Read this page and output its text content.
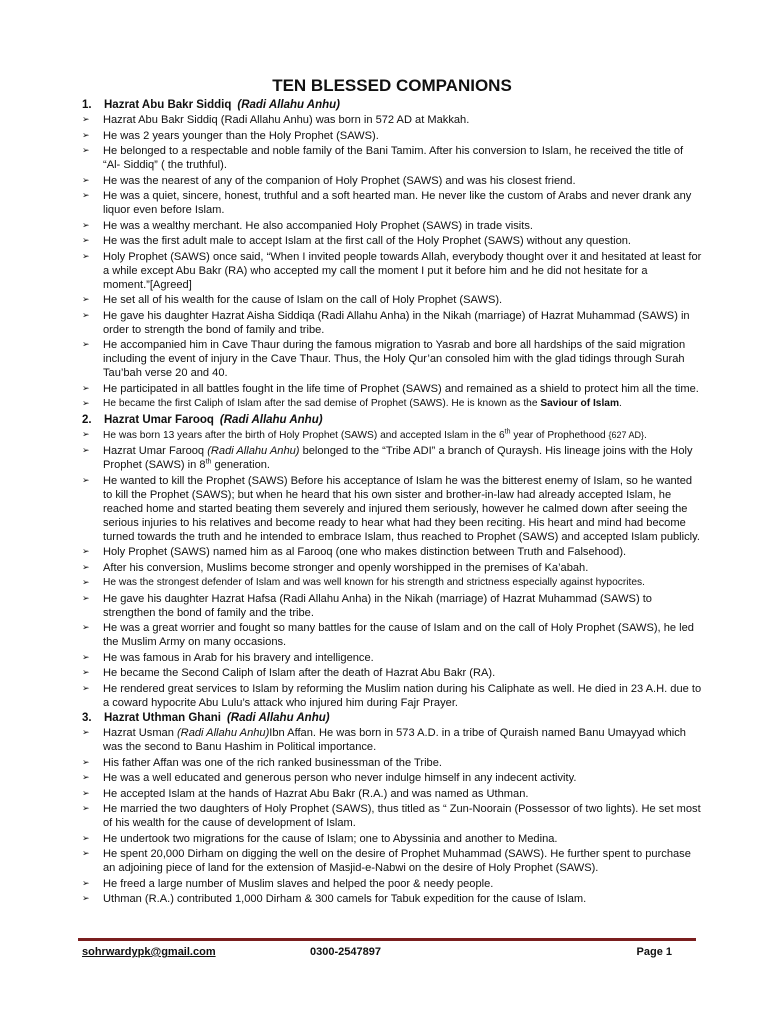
TEN BLESSED COMPANIONS
1. Hazrat Abu Bakr Siddiq (Radi Allahu Anhu)
➢ Hazrat Abu Bakr Siddiq (Radi Allahu Anhu) was born in 572 AD at Makkah.
➢ He was 2 years younger than the Holy Prophet (SAWS).
➢ He belonged to a respectable and noble family of the Bani Tamim. After his conversion to Islam, he received the title of “Al- Siddiq” ( the truthful).
➢ He was the nearest of any of the companion of Holy Prophet (SAWS) and was his closest friend.
➢ He was a quiet, sincere, honest, truthful and a soft hearted man. He never like the custom of Arabs and never drank any liquor even before Islam.
➢ He was a wealthy merchant. He also accompanied Holy Prophet (SAWS) in trade visits.
➢ He was the first adult male to accept Islam at the first call of the Holy Prophet (SAWS) without any question.
➢ Holy Prophet (SAWS) once said, “When I invited people towards Allah, everybody thought over it and hesitated at least for a while except Abu Bakr (RA) who accepted my call the moment I put it before him and he did not hesitate for a moment.”[Agreed]
➢ He set all of his wealth for the cause of Islam on the call of Holy Prophet (SAWS).
➢ He gave his daughter Hazrat Aisha Siddiqa (Radi Allahu Anha) in the Nikah (marriage) of Hazrat Muhammad (SAWS) in order to strength the bond of family and tribe.
➢ He accompanied him in Cave Thaur during the famous migration to Yasrab and bore all hardships of the said migration including the event of injury in the Cave Thaur. Thus, the Holy Qur’an consoled him with the glad tidings through Surah Tau’bah verse 20 and 40.
➢ He participated in all battles fought in the life time of Prophet (SAWS) and remained as a shield to protect him all the time.
➢ He became the first Caliph of Islam after the sad demise of Prophet (SAWS). He is known as the Saviour of Islam.
2. Hazrat Umar Farooq (Radi Allahu Anhu)
➢ He was born 13 years after the birth of Holy Prophet (SAWS) and accepted Islam in the 6th year of Prophethood {627 AD}.
➢ Hazrat Umar Farooq (Radi Allahu Anhu) belonged to the “Tribe ADI” a branch of Quraysh. His lineage joins with the Holy Prophet (SAWS) in 8th generation.
➢ He wanted to kill the Prophet (SAWS) Before his acceptance of Islam he was the bitterest enemy of Islam, so he wanted to kill the Prophet (SAWS); but when he heard that his own sister and brother-in-law had already accepted Islam, he reached home and started beating them severely and injured them seriously, however he calmed down after seeing the serious injuries to his relatives and become ready to hear what had they been reciting. His heart and mind had become turned towards the truth and he intended to embrace Islam, thus reached to Prophet (SAWS) and accepted Islam publicly.
➢ Holy Prophet (SAWS) named him as al Farooq (one who makes distinction between Truth and Falsehood).
➢ After his conversion, Muslims become stronger and openly worshipped in the premises of Ka’abah.
➢ He was the strongest defender of Islam and was well known for his strength and strictness especially against hypocrites.
➢ He gave his daughter Hazrat Hafsa (Radi Allahu Anha) in the Nikah (marriage) of Hazrat Muhammad (SAWS) to strengthen the bond of family and the tribe.
➢ He was a great worrier and fought so many battles for the cause of Islam and on the call of Holy Prophet (SAWS), he led the Muslim Army on many occasions.
➢ He was famous in Arab for his bravery and intelligence.
➢ He became the Second Caliph of Islam after the death of Hazrat Abu Bakr (RA).
➢ He rendered great services to Islam by reforming the Muslim nation during his Caliphate as well. He died in 23 A.H. due to a coward hypocrite Abu Lulu’s attack who injured him during Fajr Prayer.
3. Hazrat Uthman Ghani (Radi Allahu Anhu)
➢ Hazrat Usman (Radi Allahu Anhu)Ibn Affan. He was born in 573 A.D. in a tribe of Quraish named Banu Umayyad which was the second to Banu Hashim in Political importance.
➢ His father Affan was one of the rich ranked businessman of the Tribe.
➢ He was a well educated and generous person who never indulge himself in any indecent activity.
➢ He accepted Islam at the hands of Hazrat Abu Bakr (R.A.) and was named as Uthman.
➢ He married the two daughters of Holy Prophet (SAWS), thus titled as “ Zun-Noorain (Possessor of two lights). He set most of his wealth for the cause of development of Islam.
➢ He undertook two migrations for the cause of Islam; one to Abyssinia and another to Medina.
➢ He spent 20,000 Dirham on digging the well on the desire of Prophet Muhammad (SAWS). He further spent to purchase an adjoining piece of land for the extension of Masjid-e-Nabwi on the desire of Holy Prophet (SAWS).
➢ He freed a large number of Muslim slaves and helped the poor & needy people.
➢ Uthman (R.A.) contributed 1,000 Dirham & 300 camels for Tabuk expedition for the cause of Islam.
sohrwardypk@gmail.com	0300-2547897	Page 1
